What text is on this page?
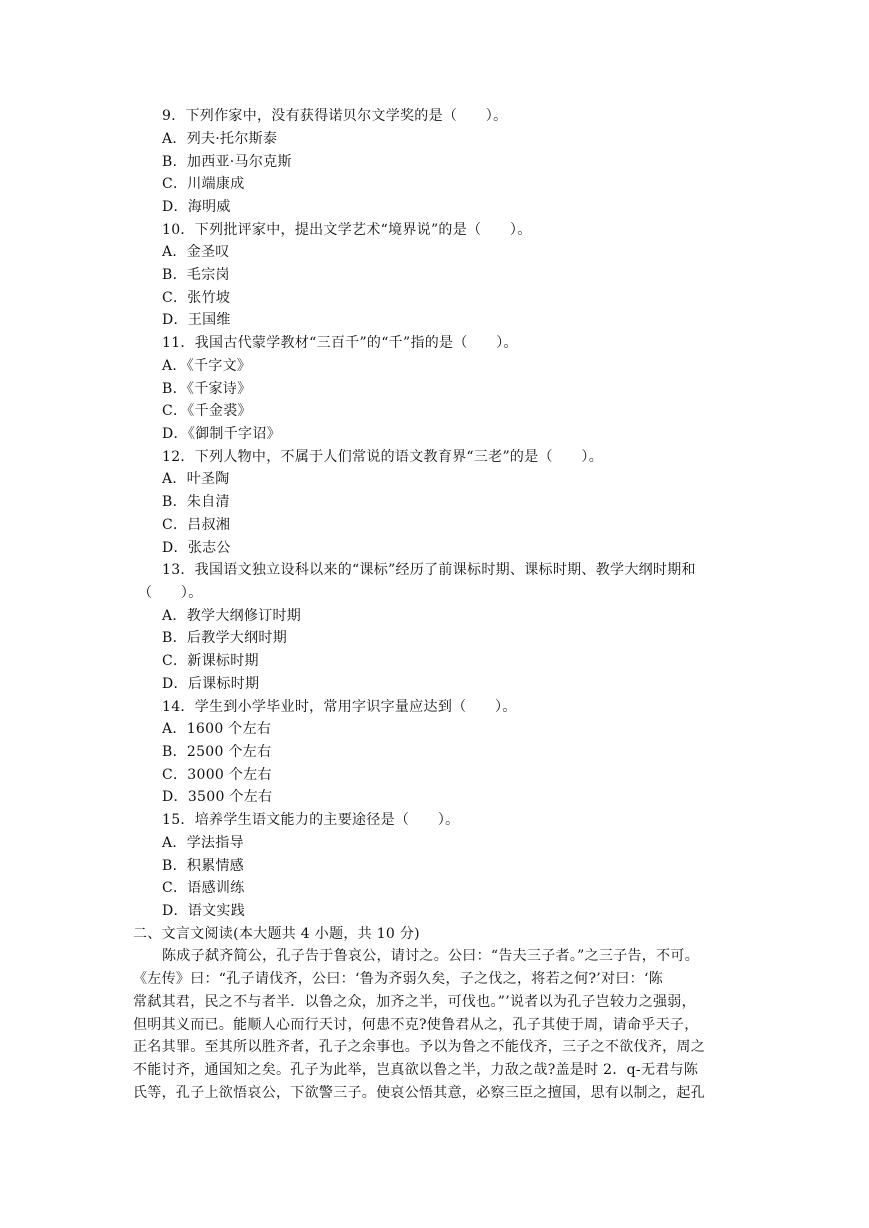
9．下列作家中，没有获得诺贝尔文学奖的是（　　）。

A．列夫·托尔斯泰

B．加西亚·马尔克斯

C．川端康成

D．海明威

10．下列批评家中，提出文学艺术“境界说”的是（　　）。

A．金圣叹

B．毛宗岗

C．张竹坡

D．王国维

11．我国古代蒙学教材“三百千”的“千”指的是（　　）。

A．《千字文》

B．《千家诗》

C．《千金裘》

D．《御制千字诏》

12．下列人物中，不属于人们常说的语文教育界“三老”的是（　　）。

A．叶圣陶

B．朱自清

C．吕叔湘

D．张志公

13．我国语文独立设科以来的“课标”经历了前课标时期、课标时期、教学大纲时期和

（　　）。

A．教学大纲修订时期

B．后教学大纲时期

C．新课标时期

D．后课标时期

14．学生到小学毕业时，常用字识字量应达到（　　）。

A．1600 个左右

B．2500 个左右

C．3000 个左右

D．3500 个左右

15．培养学生语文能力的主要途径是（　　）。

A．学法指导

B．积累情感

C．语感训练

D．语文实践

二、文言文阅读(本大题共 4 小题，共 10 分)

陈成子弑齐简公，孔子告于鲁哀公，请讨之。公曰：“告夫三子者。”之三子告，不可。

《左传》曰：“孔子请伐齐，公曰：‘鲁为齐弱久矣，子之伐之，将若之何?’对曰：‘陈

常弑其君，民之不与者半．以鲁之众，加齐之半，可伐也。”’说者以为孔子岂较力之强弱，

但明其义而已。能顺人心而行天讨，何患不克?使鲁君从之，孔子其使于周，请命乎天子，

正名其罪。至其所以胜齐者，孔子之余事也。予以为鲁之不能伐齐，三子之不欲伐齐，周之

不能讨齐，通国知之矣。孔子为此举，岂真欲以鲁之半，力敌之哉?盖是时 2．q-无君与陈

氏等，孔子上欲悟哀公，下欲警三子。使哀公悟其意，必察三臣之擅国，思有以制之，起孔
